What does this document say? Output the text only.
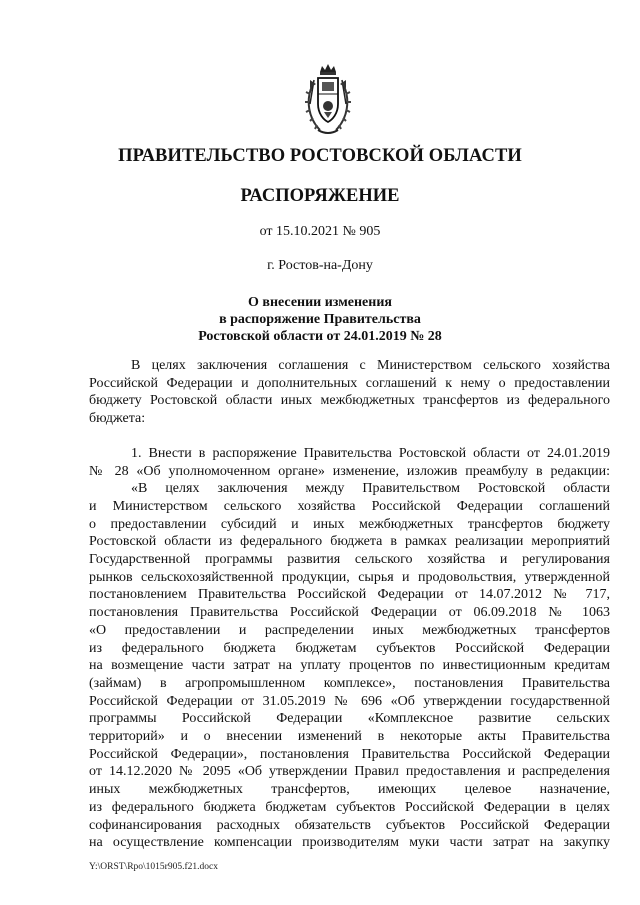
ПРАВИТЕЛЬСТВО РОСТОВСКОЙ ОБЛАСТИ
РАСПОРЯЖЕНИЕ
от 15.10.2021 № 905
г. Ростов-на-Дону
О внесении изменения
в распоряжение Правительства
Ростовской области от 24.01.2019 № 28
В целях заключения соглашения с Министерством сельского хозяйства
Российской Федерации и дополнительных соглашений к нему о предоставлении
бюджету Ростовской области иных межбюджетных трансфертов из федерального
бюджета:
1. Внести в распоряжение Правительства Ростовской области от 24.01.2019
№ 28 «Об уполномоченном органе» изменение, изложив преамбулу в редакции:
«В целях заключения между Правительством Ростовской области
и Министерством сельского хозяйства Российской Федерации соглашений
о предоставлении субсидий и иных межбюджетных трансфертов бюджету
Ростовской области из федерального бюджета в рамках реализации мероприятий
Государственной программы развития сельского хозяйства и регулирования
рынков сельскохозяйственной продукции, сырья и продовольствия, утвержденной
постановлением Правительства Российской Федерации от 14.07.2012 № 717,
постановления Правительства Российской Федерации от 06.09.2018 № 1063
«О предоставлении и распределении иных межбюджетных трансфертов
из федерального бюджета бюджетам субъектов Российской Федерации
на возмещение части затрат на уплату процентов по инвестиционным кредитам
(займам) в агропромышленном комплексе», постановления Правительства
Российской Федерации от 31.05.2019 № 696 «Об утверждении государственной
программы Российской Федерации «Комплексное развитие сельских
территорий» и о внесении изменений в некоторые акты Правительства
Российской Федерации», постановления Правительства Российской Федерации
от 14.12.2020 № 2095 «Об утверждении Правил предоставления и распределения
иных межбюджетных трансфертов, имеющих целевое назначение,
из федерального бюджета бюджетам субъектов Российской Федерации в целях
софинансирования расходных обязательств субъектов Российской Федерации
на осуществление компенсации производителям муки части затрат на закупку
Y:\ORST\Rpo\1015r905.f21.docx
